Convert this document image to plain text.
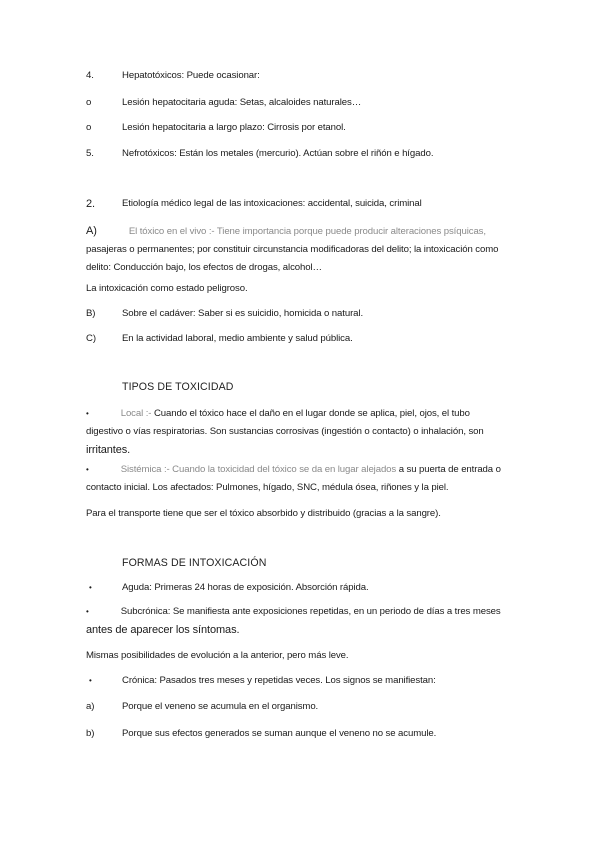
4.	Hepatotóxicos: Puede ocasionar:
o	Lesión hepatocitaria aguda: Setas, alcaloides naturales…
o	Lesión hepatocitaria a largo plazo: Cirrosis por etanol.
5.	Nefrotóxicos: Están los metales (mercurio). Actúan sobre el riñón e hígado.
2.	Etiología médico legal de las intoxicaciones: accidental, suicida, criminal
A)	El tóxico en el vivo :- Tiene importancia porque puede producir alteraciones psíquicas,
pasajeras o permanentes; por constituir circunstancia modificadoras del delito; la intoxicación como
delito: Conducción bajo, los efectos de drogas, alcohol…
La intoxicación como estado peligroso.
B)	Sobre el cadáver: Saber si es suicidio, homicida o natural.
C)	En la actividad laboral, medio ambiente y salud pública.
TIPOS DE TOXICIDAD
•	Local :- Cuando el tóxico hace el daño en el lugar donde se aplica, piel, ojos, el tubo
digestivo o vías respiratorias. Son sustancias corrosivas (ingestión o contacto) o inhalación, son
irritantes.
•	Sistémica :- Cuando la toxicidad del tóxico se da en lugar alejados a su puerta de entrada o
contacto inicial. Los afectados: Pulmones, hígado, SNC, médula ósea, riñones y la piel.
Para el transporte tiene que ser el tóxico absorbido y distribuido (gracias a la sangre).
FORMAS DE INTOXICACIÓN
•	Aguda: Primeras 24 horas de exposición. Absorción rápida.
•	Subcrónica: Se manifiesta ante exposiciones repetidas, en un periodo de días a tres meses
antes de aparecer los síntomas.
Mismas posibilidades de evolución a la anterior, pero más leve.
•	Crónica: Pasados tres meses y repetidas veces. Los signos se manifiestan:
a)	Porque el veneno se acumula en el organismo.
b)	Porque sus efectos generados se suman aunque el veneno no se acumule.
